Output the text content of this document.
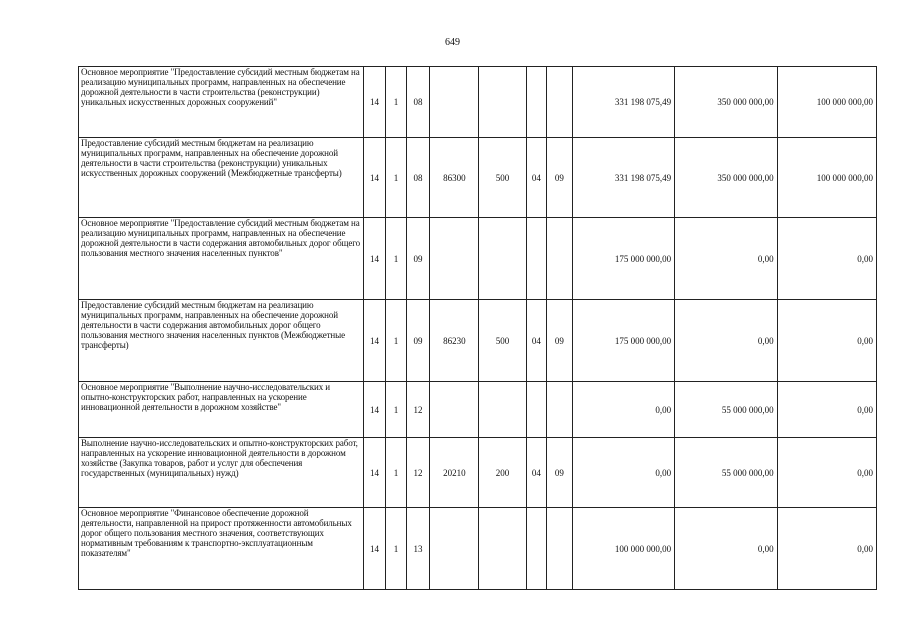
649
Основное мероприятие "Предоставление субсидий местным бюджетам на реализацию муниципальных программ, направленных на обеспечение дорожной деятельности в части строительства (реконструкции) уникальных искусственных дорожных сооружений"	14	1	08					331 198 075,49	350 000 000,00	100 000 000,00
Предоставление субсидий местным бюджетам на реализацию муниципальных программ, направленных на обеспечение дорожной деятельности в части строительства (реконструкции) уникальных искусственных дорожных сооружений (Межбюджетные трансферты)	14	1	08	86300	500	04	09	331 198 075,49	350 000 000,00	100 000 000,00
Основное мероприятие "Предоставление субсидий местным бюджетам на реализацию муниципальных программ, направленных на обеспечение дорожной деятельности в части содержания автомобильных дорог общего пользования местного значения населенных пунктов"	14	1	09					175 000 000,00	0,00	0,00
Предоставление субсидий местным бюджетам на реализацию муниципальных программ, направленных на обеспечение дорожной деятельности в части содержания автомобильных дорог общего пользования местного значения населенных пунктов (Межбюджетные трансферты)	14	1	09	86230	500	04	09	175 000 000,00	0,00	0,00
Основное мероприятие "Выполнение научно-исследовательских и опытно-конструкторских работ, направленных на ускорение инновационной деятельности в дорожном хозяйстве"	14	1	12					0,00	55 000 000,00	0,00
Выполнение научно-исследовательских и опытно-конструкторских работ, направленных на ускорение инновационной деятельности в дорожном хозяйстве (Закупка товаров, работ и услуг для обеспечения государственных (муниципальных) нужд)	14	1	12	20210	200	04	09	0,00	55 000 000,00	0,00
Основное мероприятие "Финансовое обеспечение дорожной деятельности, направленной на прирост протяженности автомобильных дорог общего пользования местного значения, соответствующих нормативным требованиям к транспортно-эксплуатационным показателям"	14	1	13					100 000 000,00	0,00	0,00
